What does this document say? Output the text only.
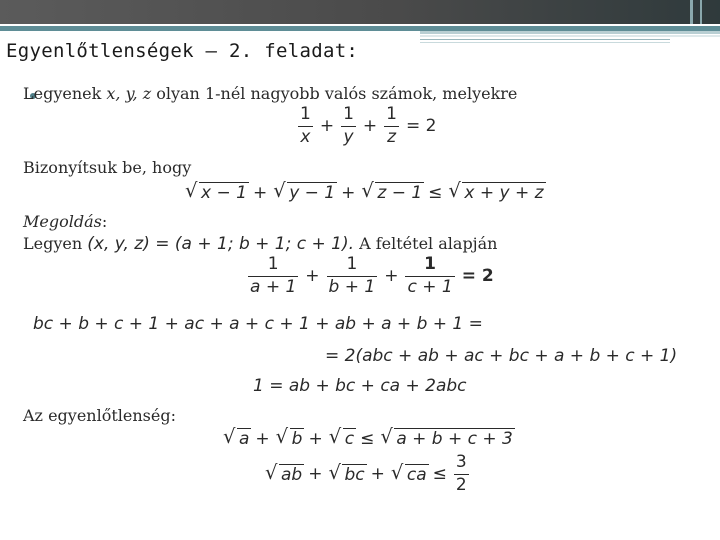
Egyenlőtlenségek – 2. feladat:
Legyenek x, y, z olyan 1-nél nagyobb valós számok, melyekre
$\frac{1}{x} + \frac{1}{y} + \frac{1}{z} = 2$
Bizonyítsuk be, hogy
√ x − 1 + √ y − 1 + √ z − 1 ≤ √ x + y + z
Megoldás:
Legyen (x, y, z) = (a + 1; b + 1; c + 1). A feltétel alapján
$\frac{1}{a + 1} + \frac{1}{b + 1} + \frac{1}{c + 1} = 2$
bc + b + c + 1 + ac + a + c + 1 + ab + a + b + 1 =
= 2(abc + ab + ac + bc + a + b + c + 1)
1 = ab + bc + ca + 2abc
Az egyenlőtlenség:
√ a + √ b + √ c ≤ √ a + b + c + 3
√ ab + √ bc + √ ca ≤ $\frac{3}{2}$
